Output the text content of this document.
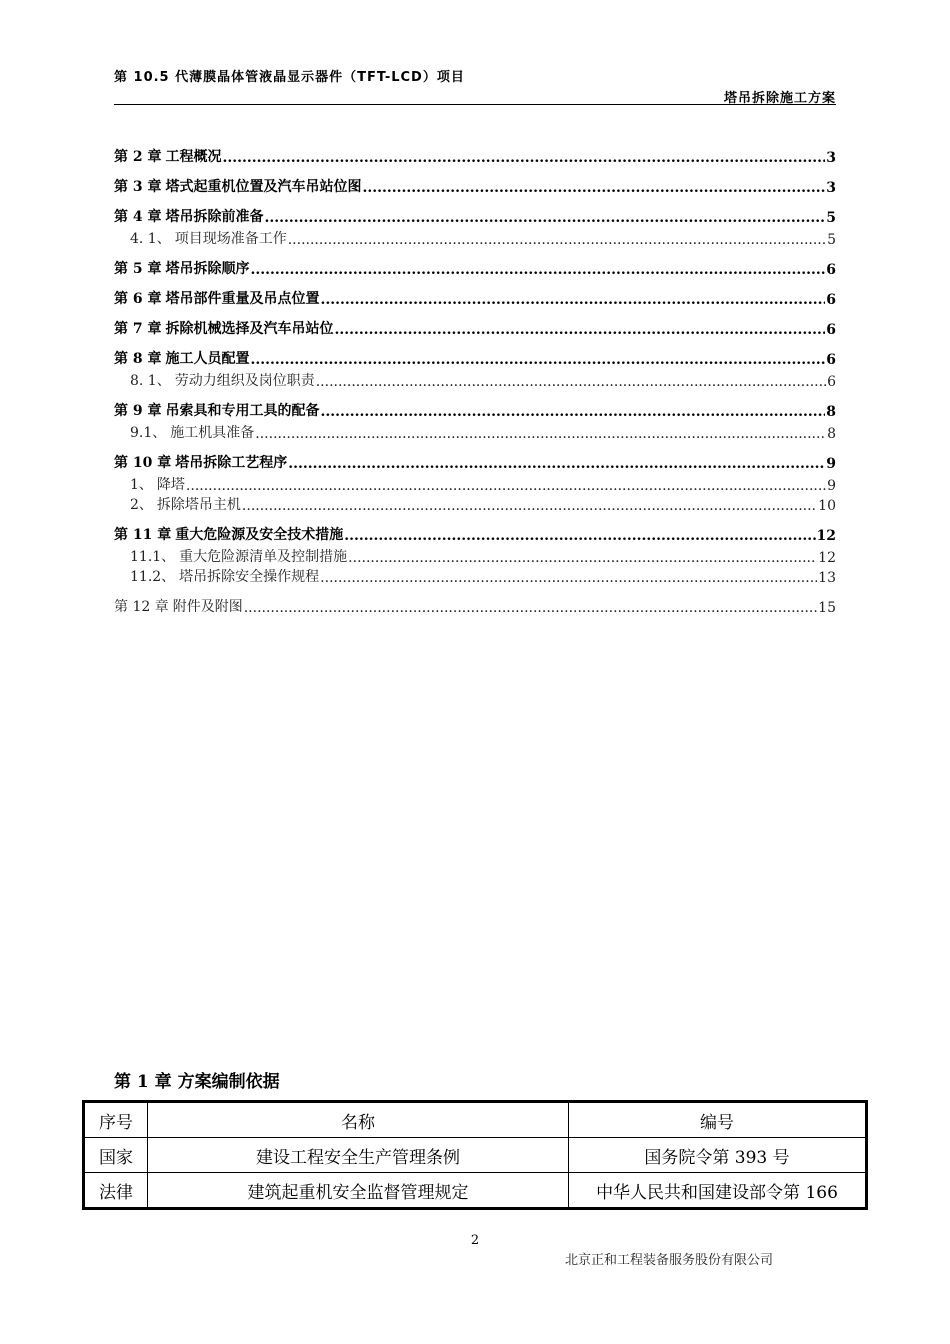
第 10.5 代薄膜晶体管液晶显示器件（TFT-LCD）项目
塔吊拆除施工方案
第 2 章 工程概况 .....	3
第 3 章 塔式起重机位置及汽车吊站位图 .....	3
第 4 章 塔吊拆除前准备 .....	5
4. 1、 项目现场准备工作 .....	5
第 5 章 塔吊拆除顺序 .....	6
第 6 章 塔吊部件重量及吊点位置 .....	6
第 7 章 拆除机械选择及汽车吊站位 .....	6
第 8 章 施工人员配置 .....	6
8. 1、 劳动力组织及岗位职责 .....	6
第 9 章 吊索具和专用工具的配备 .....	8
9.1、 施工机具准备 .....	8
第 10 章 塔吊拆除工艺程序 .....	9
1、 降塔 .....	9
2、 拆除塔吊主机 .....	10
第 11 章 重大危险源及安全技术措施 .....	12
11.1、 重大危险源清单及控制措施 .....	12
11.2、 塔吊拆除安全操作规程 .....	13
第 12 章 附件及附图 .....	15
第 1 章 方案编制依据
序号	名称	编号
国家	建设工程安全生产管理条例	国务院令第 393 号
法律	建筑起重机安全监督管理规定	中华人民共和国建设部令第 166
2
北京正和工程装备服务股份有限公司
